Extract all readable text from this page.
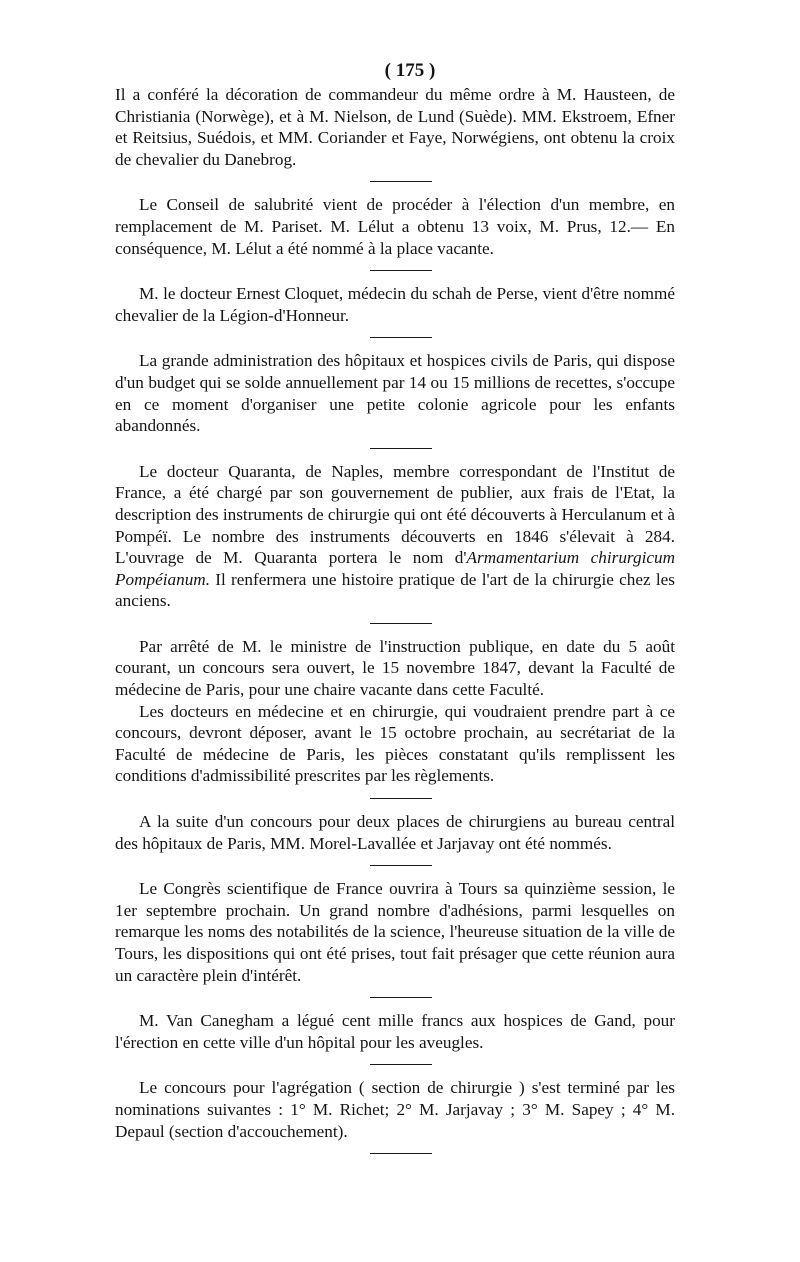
( 175 )

Il a conféré la décoration de commandeur du même ordre à M. Hausteen, de Christiania (Norwège), et à M. Nielson, de Lund (Suède). MM. Ekstroem, Efner et Reitsius, Suédois, et MM. Coriander et Faye, Norwégiens, ont obtenu la croix de chevalier du Danebrog.

Le Conseil de salubrité vient de procéder à l'élection d'un membre, en remplacement de M. Pariset. M. Lélut a obtenu 13 voix, M. Prus, 12.— En conséquence, M. Lélut a été nommé à la place vacante.

M. le docteur Ernest Cloquet, médecin du schah de Perse, vient d'être nommé chevalier de la Légion-d'Honneur.

La grande administration des hôpitaux et hospices civils de Paris, qui dispose d'un budget qui se solde annuellement par 14 ou 15 millions de recettes, s'occupe en ce moment d'organiser une petite colonie agricole pour les enfants abandonnés.

Le docteur Quaranta, de Naples, membre correspondant de l'Institut de France, a été chargé par son gouvernement de publier, aux frais de l'Etat, la description des instruments de chirurgie qui ont été découverts à Herculanum et à Pompéï. Le nombre des instruments découverts en 1846 s'élevait à 284. L'ouvrage de M. Quaranta portera le nom d'Armamentarium chirurgicum Pompéianum. Il renfermera une histoire pratique de l'art de la chirurgie chez les anciens.

Par arrêté de M. le ministre de l'instruction publique, en date du 5 août courant, un concours sera ouvert, le 15 novembre 1847, devant la Faculté de médecine de Paris, pour une chaire vacante dans cette Faculté.

Les docteurs en médecine et en chirurgie, qui voudraient prendre part à ce concours, devront déposer, avant le 15 octobre prochain, au secrétariat de la Faculté de médecine de Paris, les pièces constatant qu'ils remplissent les conditions d'admissibilité prescrites par les règlements.

A la suite d'un concours pour deux places de chirurgiens au bureau central des hôpitaux de Paris, MM. Morel-Lavallée et Jarjavay ont été nommés.

Le Congrès scientifique de France ouvrira à Tours sa quinzième session, le 1er septembre prochain. Un grand nombre d'adhésions, parmi lesquelles on remarque les noms des notabilités de la science, l'heureuse situation de la ville de Tours, les dispositions qui ont été prises, tout fait présager que cette réunion aura un caractère plein d'intérêt.

M. Van Canegham a légué cent mille francs aux hospices de Gand, pour l'érection en cette ville d'un hôpital pour les aveugles.

Le concours pour l'agrégation ( section de chirurgie ) s'est terminé par les nominations suivantes : 1° M. Richet; 2° M. Jarjavay ; 3° M. Sapey ; 4° M. Depaul (section d'accouchement).
